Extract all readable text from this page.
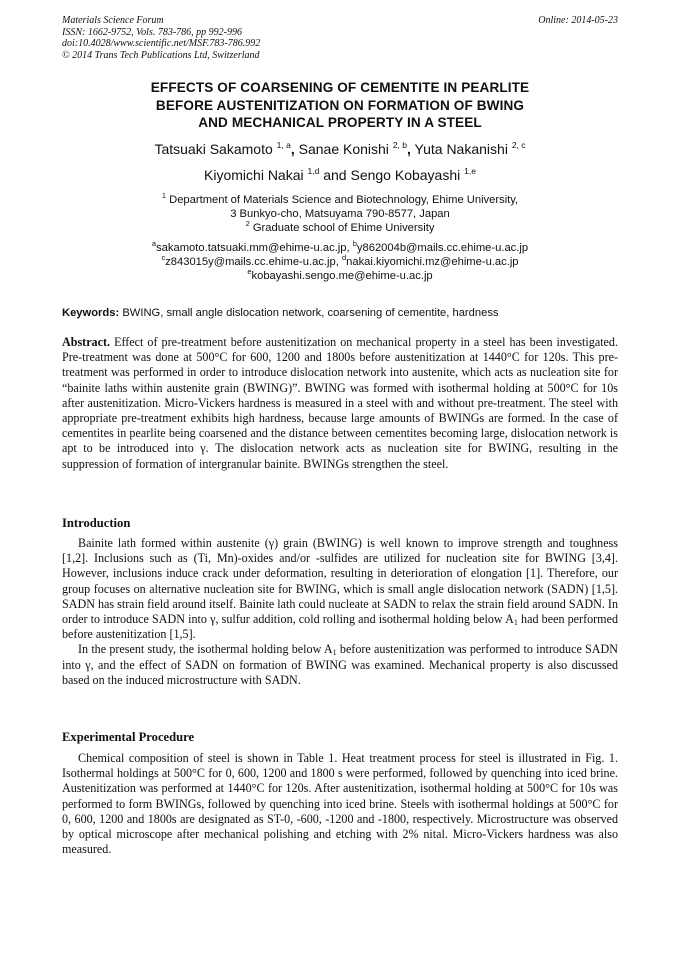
Materials Science Forum
ISSN: 1662-9752, Vols. 783-786, pp 992-996
doi:10.4028/www.scientific.net/MSF.783-786.992
© 2014 Trans Tech Publications Ltd, Switzerland
Online: 2014-05-23
EFFECTS OF COARSENING OF CEMENTITE IN PEARLITE
BEFORE AUSTENITIZATION ON FORMATION OF BWING
AND MECHANICAL PROPERTY IN A STEEL
Tatsuaki Sakamoto $^{1, a}$, Sanae Konishi $^{2, b}$, Yuta Nakanishi $^{2, c}$
Kiyomichi Nakai $^{1,d}$ and Sengo Kobayashi $^{1,e}$
$^1$ Department of Materials Science and Biotechnology, Ehime University,
3 Bunkyo-cho, Matsuyama 790-8577, Japan
$^2$ Graduate school of Ehime University
$^a$sakamoto.tatsuaki.mm@ehime-u.ac.jp, $^b$y862004b@mails.cc.ehime-u.ac.jp
$^c$z843015y@mails.cc.ehime-u.ac.jp, $^d$nakai.kiyomichi.mz@ehime-u.ac.jp
$^e$kobayashi.sengo.me@ehime-u.ac.jp
Keywords: BWING, small angle dislocation network, coarsening of cementite, hardness
Abstract. Effect of pre-treatment before austenitization on mechanical property in a steel has been investigated. Pre-treatment was done at 500°C for 600, 1200 and 1800s before austenitization at 1440°C for 120s. This pre-treatment was performed in order to introduce dislocation network into austenite, which acts as nucleation site for “bainite laths within austenite grain (BWING)”. BWING was formed with isothermal holding at 500°C for 10s after austenitization. Micro-Vickers hardness is measured in a steel with and without pre-treatment. The steel with appropriate pre-treatment exhibits high hardness, because large amounts of BWINGs are formed. In the case of cementites in pearlite being coarsened and the distance between cementites becoming large, dislocation network is apt to be introduced into γ. The dislocation network acts as nucleation site for BWING, resulting in the suppression of formation of intergranular bainite. BWINGs strengthen the steel.
Introduction

Bainite lath formed within austenite (γ) grain (BWING) is well known to improve strength and toughness [1,2]. Inclusions such as (Ti, Mn)-oxides and/or -sulfides are utilized for nucleation site for BWING [3,4]. However, inclusions induce crack under deformation, resulting in deterioration of elongation [1]. Therefore, our group focuses on alternative nucleation site for BWING, which is small angle dislocation network (SADN) [1,5]. SADN has strain field around itself. Bainite lath could nucleate at SADN to relax the strain field around SADN. In order to introduce SADN into γ, sulfur addition, cold rolling and isothermal holding below $A_1$ had been performed before austenitization [1,5].

In the present study, the isothermal holding below $A_1$ before austenitization was performed to introduce SADN into γ, and the effect of SADN on formation of BWING was examined. Mechanical property is also discussed based on the induced microstructure with SADN.

Experimental Procedure

Chemical composition of steel is shown in Table 1. Heat treatment process for steel is illustrated in Fig. 1. Isothermal holdings at 500°C for 0, 600, 1200 and 1800 s were performed, followed by quenching into iced brine. Austenitization was performed at 1440°C for 120s. After austenitization, isothermal holding at 500°C for 10s was performed to form BWINGs, followed by quenching into iced brine. Steels with isothermal holdings at 500°C for 0, 600, 1200 and 1800s are designated as ST-0, -600, -1200 and -1800, respectively. Microstructure was observed by optical microscope after mechanical polishing and etching with 2% nital. Micro-Vickers hardness was also measured.
